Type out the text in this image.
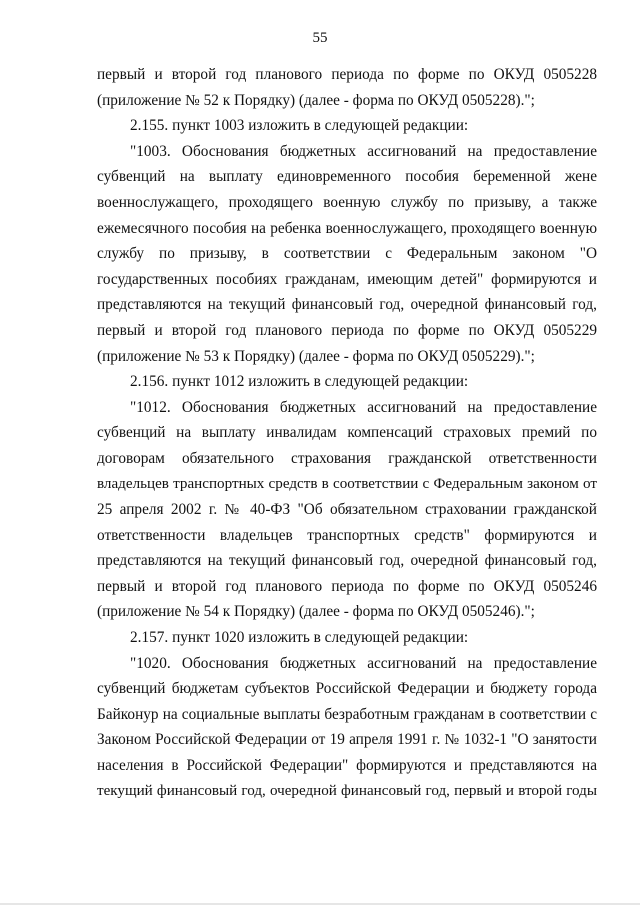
55
первый и второй год планового периода по форме по ОКУД 0505228
(приложение № 52 к Порядку) (далее - форма по ОКУД 0505228).";
2.155. пункт 1003 изложить в следующей редакции:
"1003. Обоснования бюджетных ассигнований на предоставление
субвенций на выплату единовременного пособия беременной жене
военнослужащего, проходящего военную службу по призыву, а также
ежемесячного пособия на ребенка военнослужащего, проходящего военную
службу по призыву, в соответствии с Федеральным законом "О
государственных пособиях гражданам, имеющим детей" формируются и
представляются на текущий финансовый год, очередной финансовый год,
первый и второй год планового периода по форме по ОКУД 0505229
(приложение № 53 к Порядку) (далее - форма по ОКУД 0505229).";
2.156. пункт 1012 изложить в следующей редакции:
"1012. Обоснования бюджетных ассигнований на предоставление
субвенций на выплату инвалидам компенсаций страховых премий по
договорам обязательного страхования гражданской ответственности
владельцев транспортных средств в соответствии с Федеральным законом от
25 апреля 2002 г. № 40-ФЗ "Об обязательном страховании гражданской
ответственности владельцев транспортных средств" формируются и
представляются на текущий финансовый год, очередной финансовый год,
первый и второй год планового периода по форме по ОКУД 0505246
(приложение № 54 к Порядку) (далее - форма по ОКУД 0505246).";
2.157. пункт 1020 изложить в следующей редакции:
"1020. Обоснования бюджетных ассигнований на предоставление
субвенций бюджетам субъектов Российской Федерации и бюджету города
Байконур на социальные выплаты безработным гражданам в соответствии с
Законом Российской Федерации от 19 апреля 1991 г. № 1032-1 "О занятости
населения в Российской Федерации" формируются и представляются на
текущий финансовый год, очередной финансовый год, первый и второй годы
